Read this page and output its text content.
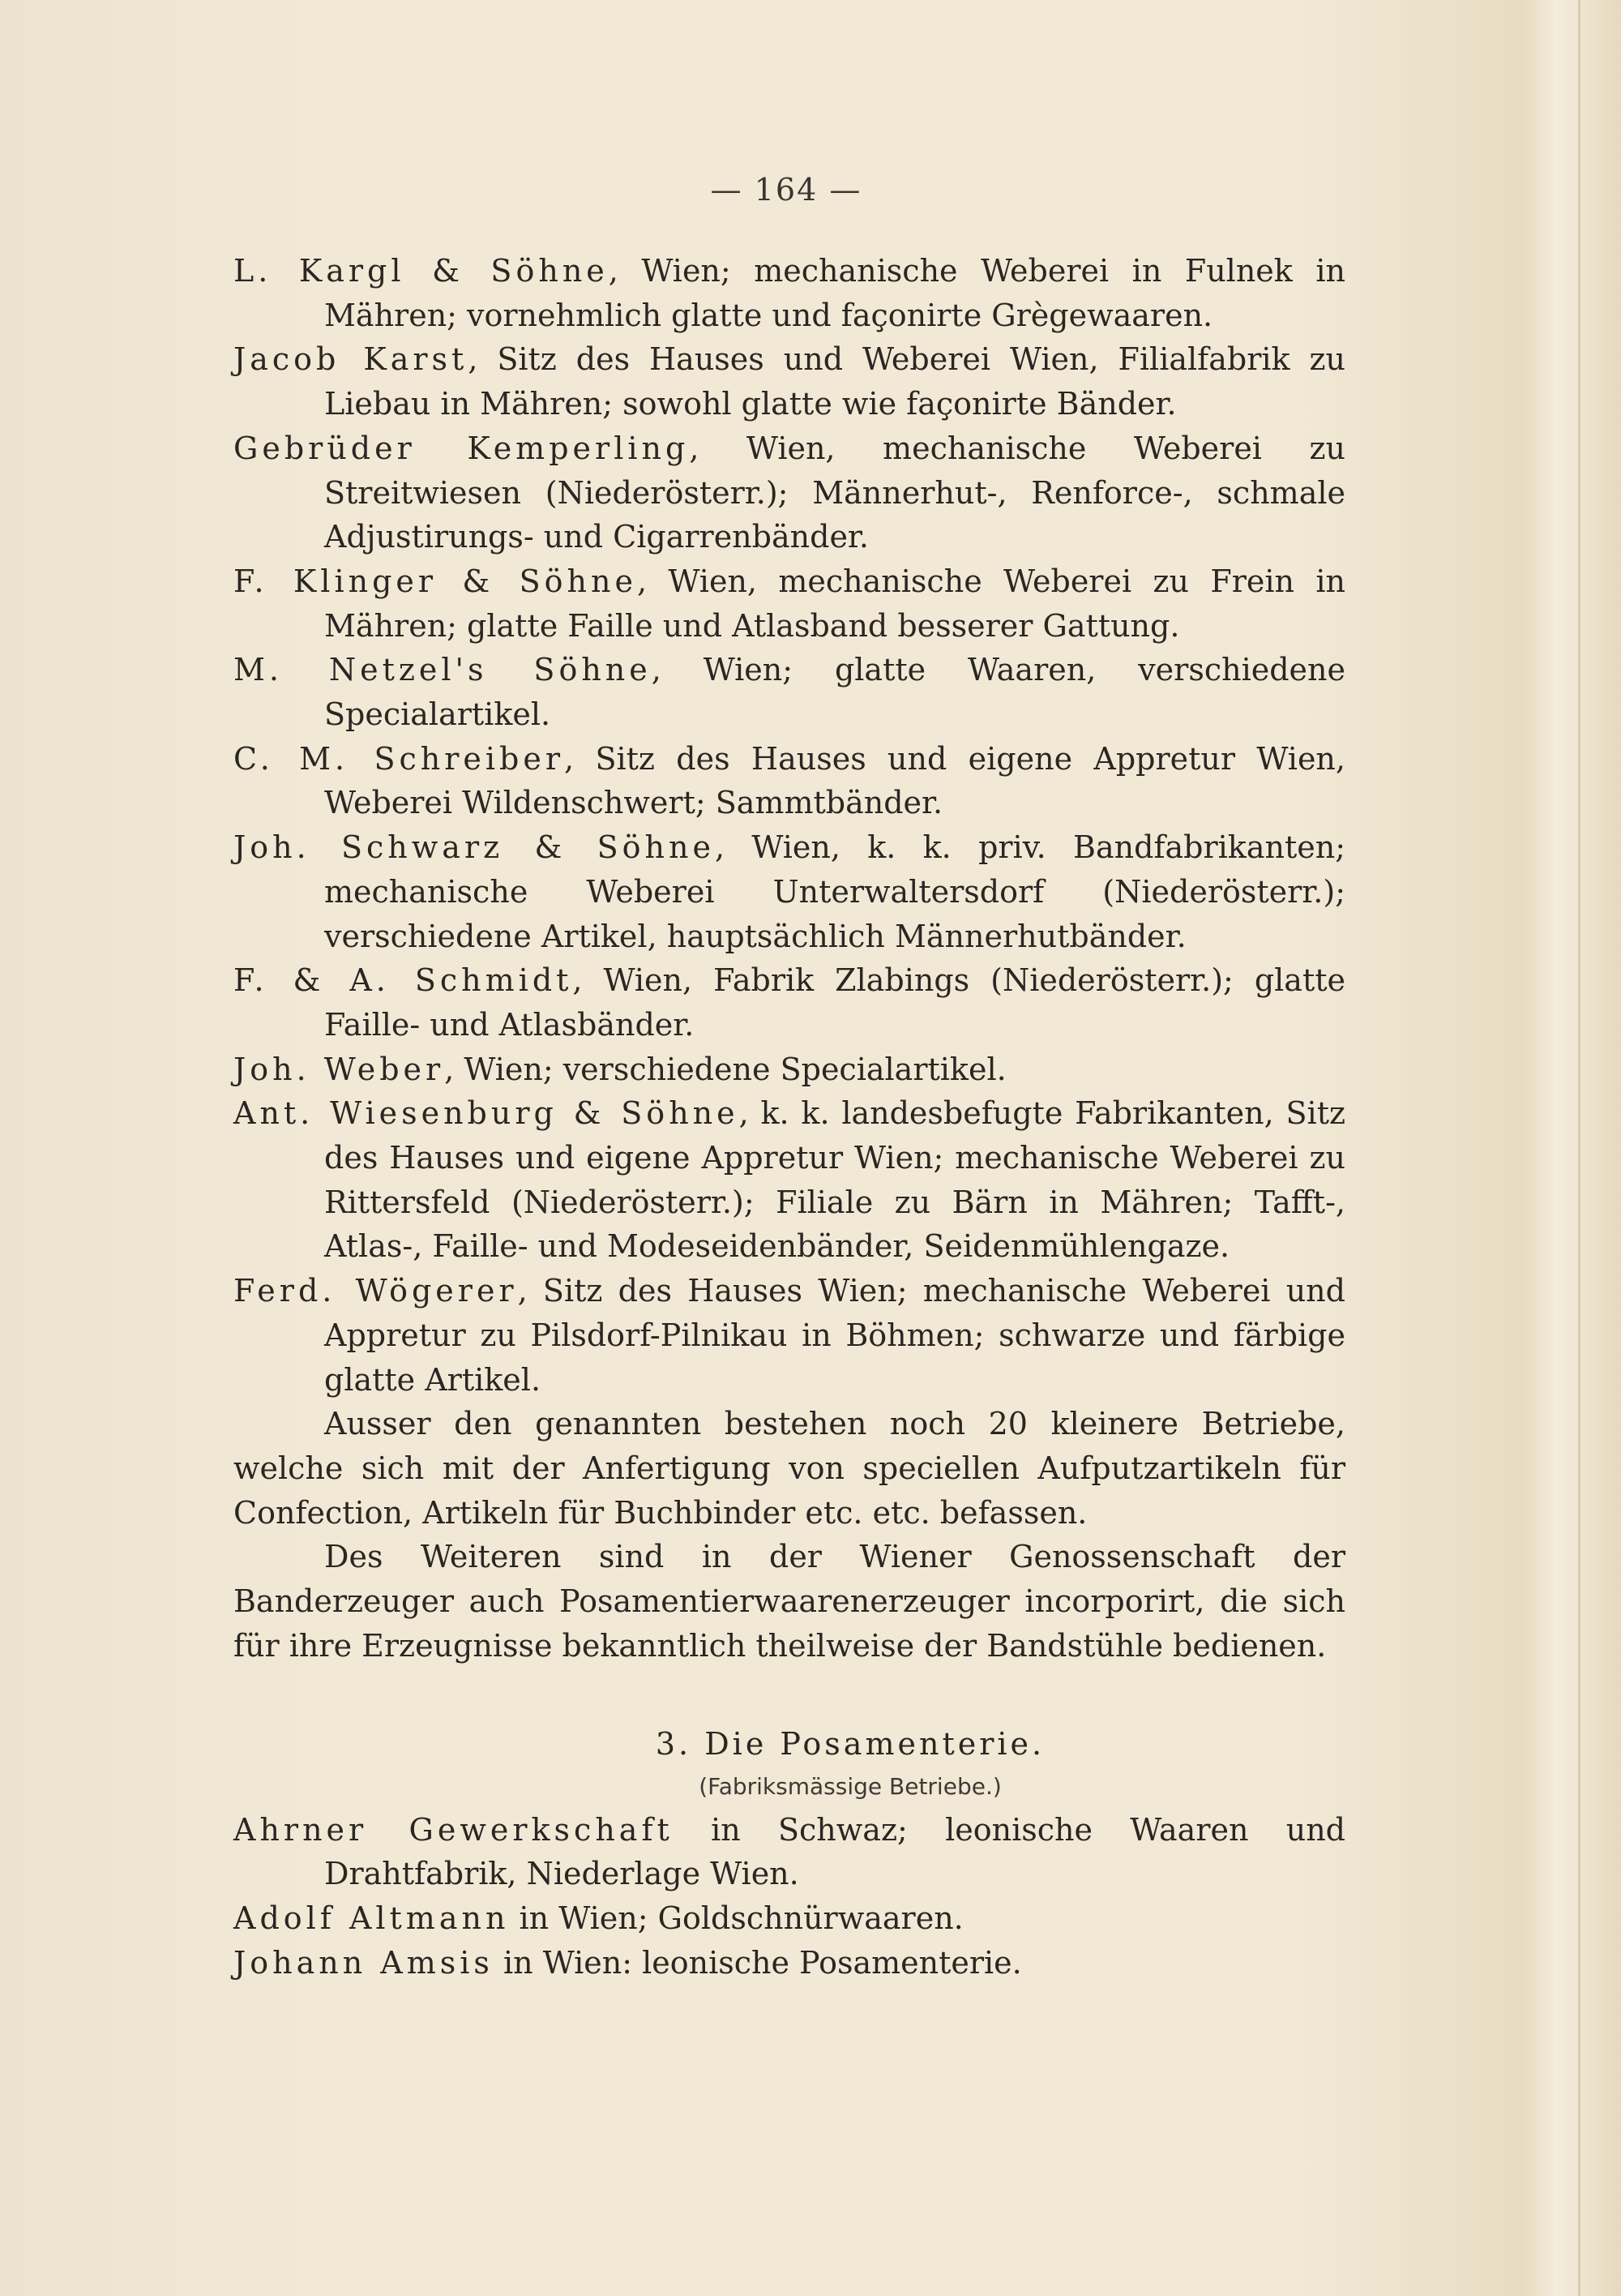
— 164 —

L. Kargl & Söhne, Wien; mechanische Weberei in Fulnek in Mähren; vornehmlich glatte und façonirte Grègewaaren.

Jacob Karst, Sitz des Hauses und Weberei Wien, Filialfabrik zu Liebau in Mähren; sowohl glatte wie façonirte Bänder.

Gebrüder Kemperling, Wien, mechanische Weberei zu Streitwiesen (Niederösterr.); Männerhut-, Renforce-, schmale Adjustirungs- und Cigarrenbänder.

F. Klinger & Söhne, Wien, mechanische Weberei zu Frein in Mähren; glatte Faille und Atlasband besserer Gattung.

M. Netzel's Söhne, Wien; glatte Waaren, verschiedene Specialartikel.

C. M. Schreiber, Sitz des Hauses und eigene Appretur Wien, Weberei Wildenschwert; Sammtbänder.

Joh. Schwarz & Söhne, Wien, k. k. priv. Bandfabrikanten; mechanische Weberei Unterwaltersdorf (Niederösterr.); verschiedene Artikel, hauptsächlich Männerhutbänder.

F. & A. Schmidt, Wien, Fabrik Zlabings (Niederösterr.); glatte Faille- und Atlasbänder.

Joh. Weber, Wien; verschiedene Specialartikel.

Ant. Wiesenburg & Söhne, k. k. landesbefugte Fabrikanten, Sitz des Hauses und eigene Appretur Wien; mechanische Weberei zu Rittersfeld (Niederösterr.); Filiale zu Bärn in Mähren; Tafft-, Atlas-, Faille- und Modeseidenbänder, Seidenmühlengaze.

Ferd. Wögerer, Sitz des Hauses Wien; mechanische Weberei und Appretur zu Pilsdorf-Pilnikau in Böhmen; schwarze und färbige glatte Artikel.

Ausser den genannten bestehen noch 20 kleinere Betriebe, welche sich mit der Anfertigung von speciellen Aufputzartikeln für Confection, Artikeln für Buchbinder etc. etc. befassen.

Des Weiteren sind in der Wiener Genossenschaft der Banderzeuger auch Posamentierwaarenerzeuger incorporirt, die sich für ihre Erzeugnisse bekanntlich theilweise der Bandstühle bedienen.

3. Die Posamenterie.

(Fabriksmässige Betriebe.)

Ahrner Gewerkschaft in Schwaz; leonische Waaren und Drahtfabrik, Niederlage Wien.

Adolf Altmann in Wien; Goldschnürwaaren.

Johann Amsis in Wien: leonische Posamenterie.
